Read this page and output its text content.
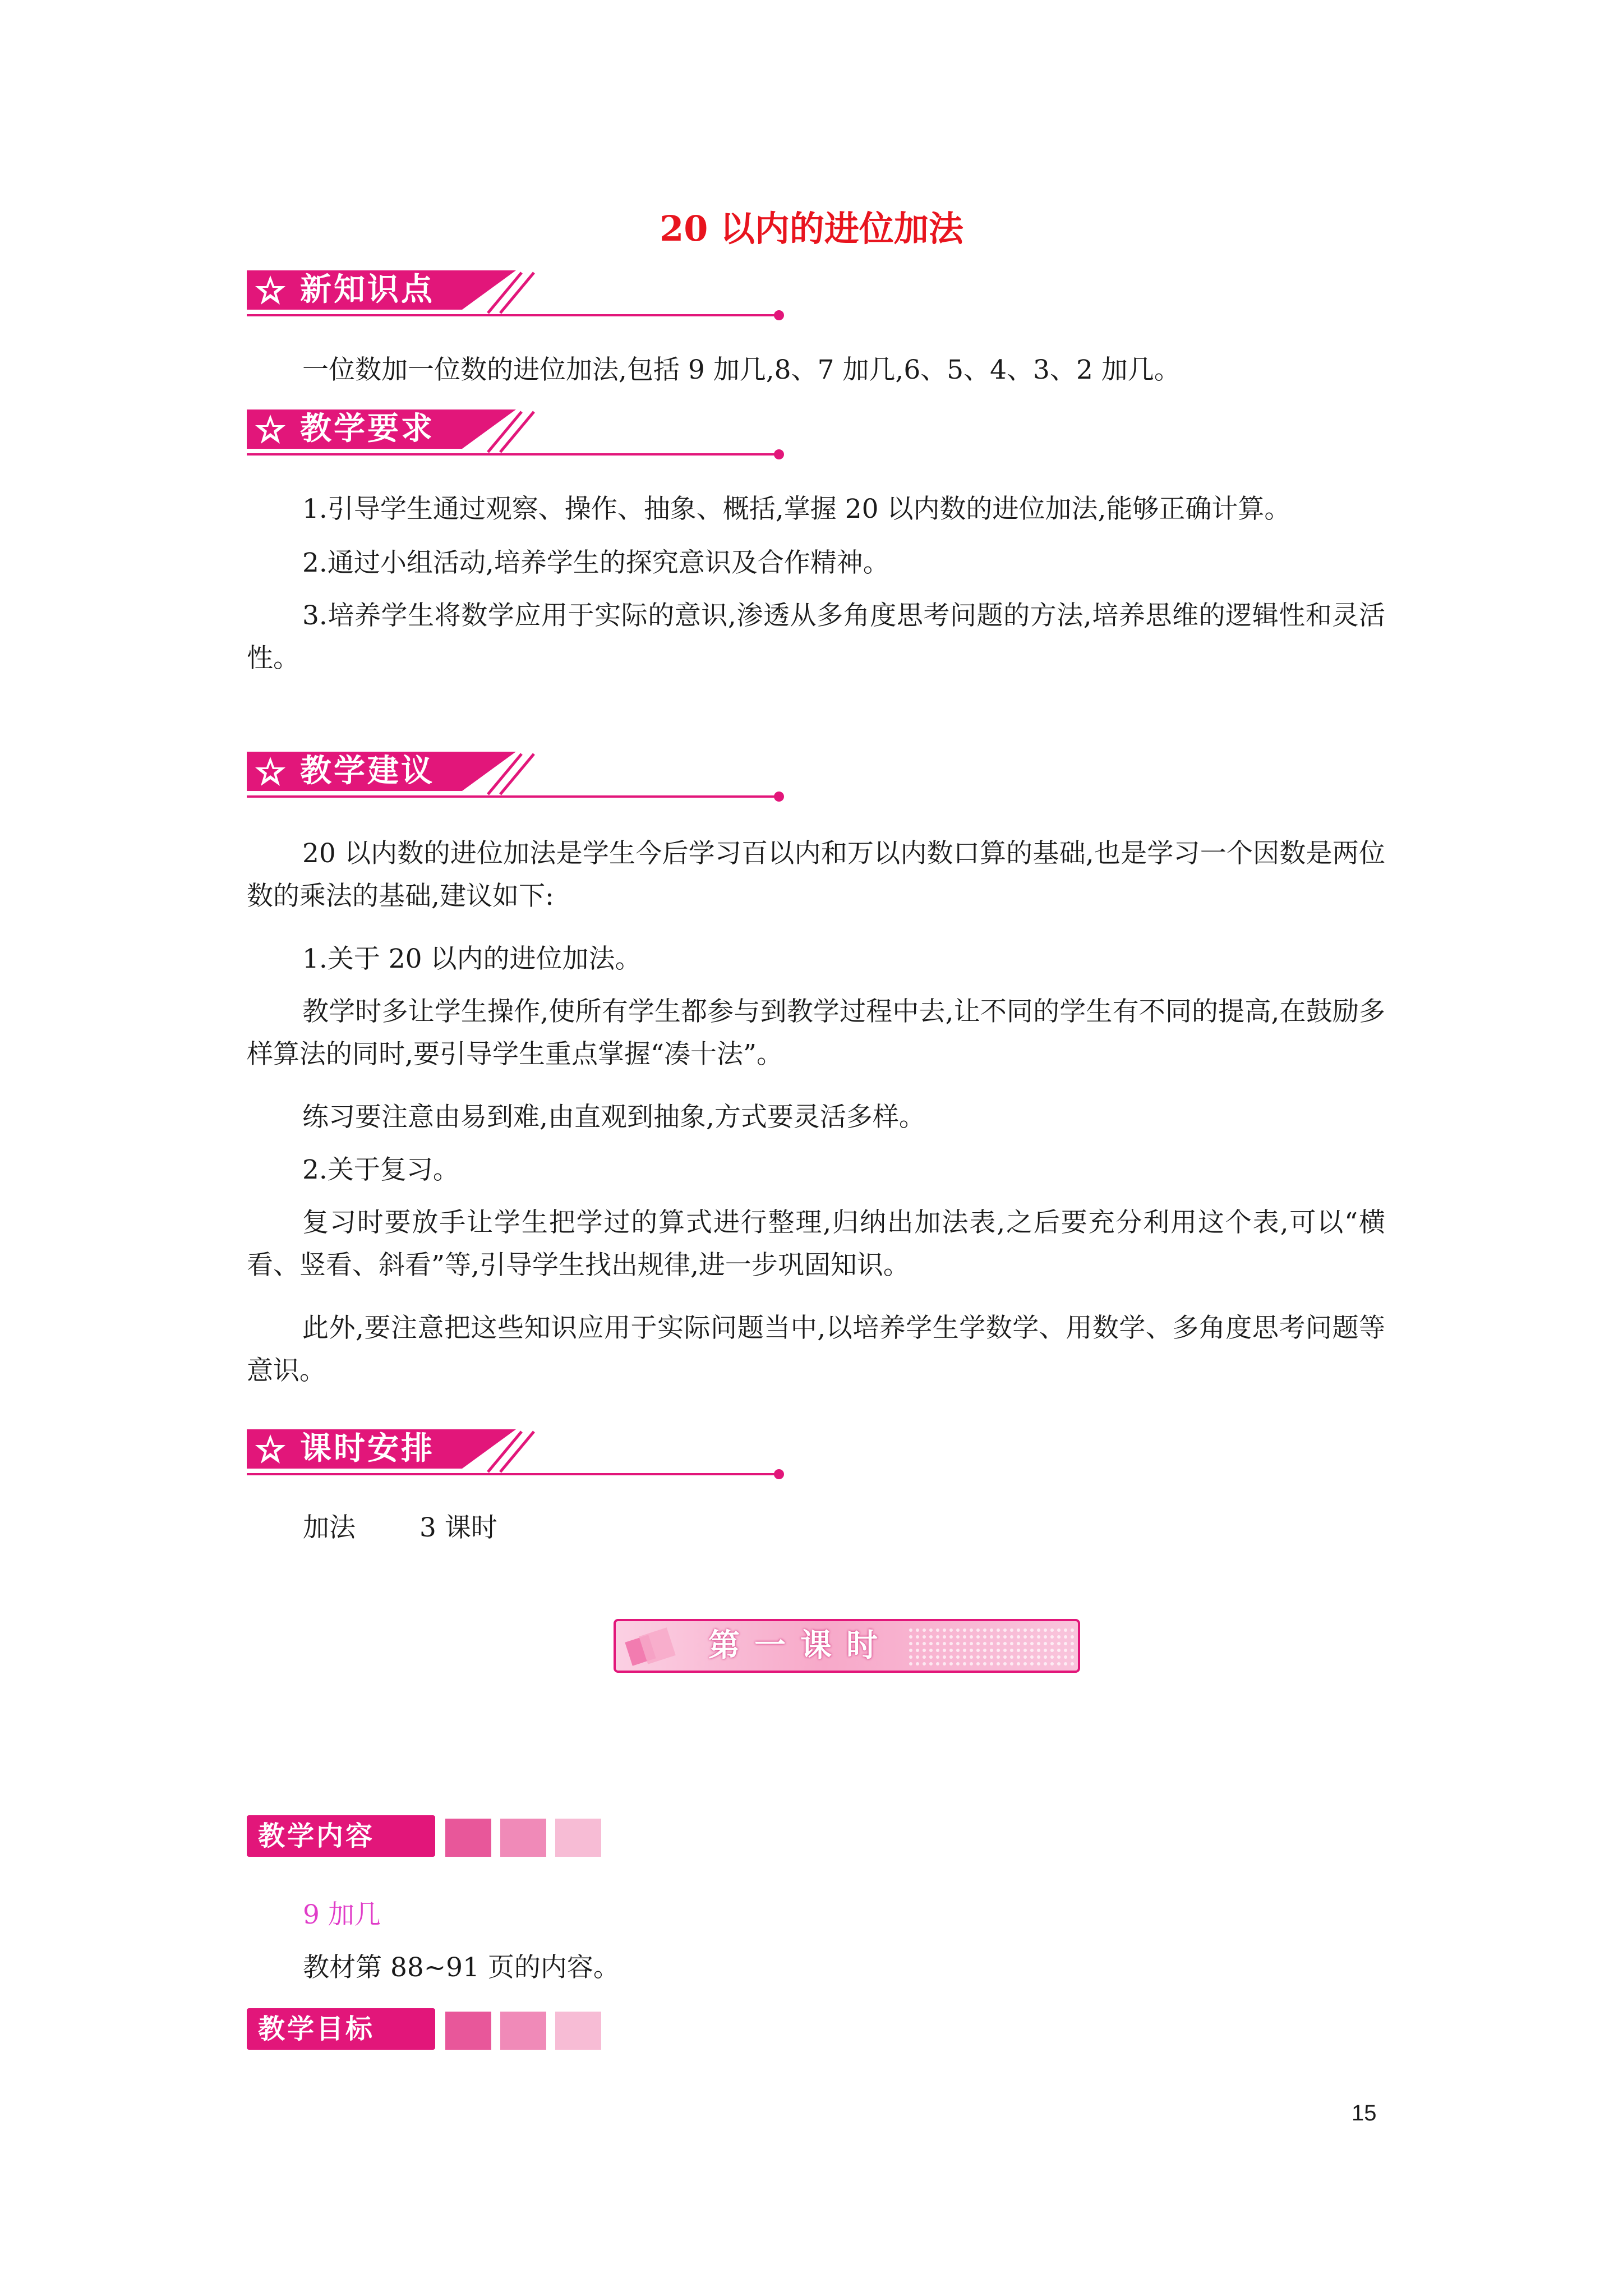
20 以内的进位加法
新知识点
一位数加一位数的进位加法,包括 9 加几,8、7 加几,6、5、4、3、2 加几。
教学要求
1.引导学生通过观察、操作、抽象、概括,掌握 20 以内数的进位加法,能够正确计算。
2.通过小组活动,培养学生的探究意识及合作精神。
3.培养学生将数学应用于实际的意识,渗透从多角度思考问题的方法,培养思维的逻辑性和灵活性。
教学建议
20 以内数的进位加法是学生今后学习百以内和万以内数口算的基础,也是学习一个因数是两位数的乘法的基础,建议如下:
1.关于 20 以内的进位加法。
教学时多让学生操作,使所有学生都参与到教学过程中去,让不同的学生有不同的提高,在鼓励多样算法的同时,要引导学生重点掌握“凑十法”。
练习要注意由易到难,由直观到抽象,方式要灵活多样。
2.关于复习。
复习时要放手让学生把学过的算式进行整理,归纳出加法表,之后要充分利用这个表,可以“横看、竖看、斜看”等,引导学生找出规律,进一步巩固知识。
此外,要注意把这些知识应用于实际问题当中,以培养学生学数学、用数学、多角度思考问题等意识。
课时安排
加法 3 课时
第一课时
教学内容
9 加几
教材第 88~91 页的内容。
教学目标
15
